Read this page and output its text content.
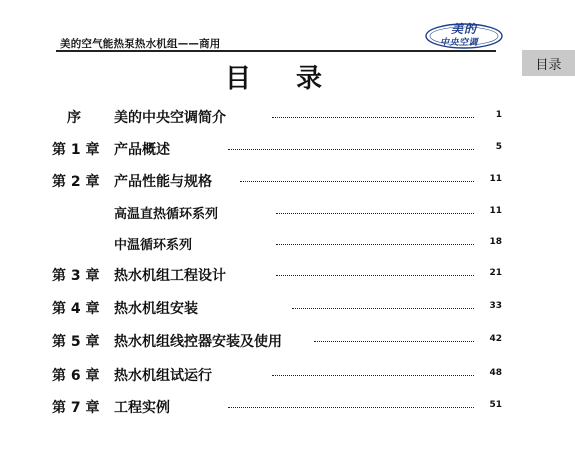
美的空气能热泵热水机组——商用
美的
中央空调
目录
目 录
序 美的中央空调简介	1
第 1 章 产品概述	5
第 2 章 产品性能与规格	11
高温直热循环系列	11
中温循环系列	18
第 3 章 热水机组工程设计	21
第 4 章 热水机组安装	33
第 5 章 热水机组线控器安装及使用	42
第 6 章 热水机组试运行	48
第 7 章 工程实例	51
